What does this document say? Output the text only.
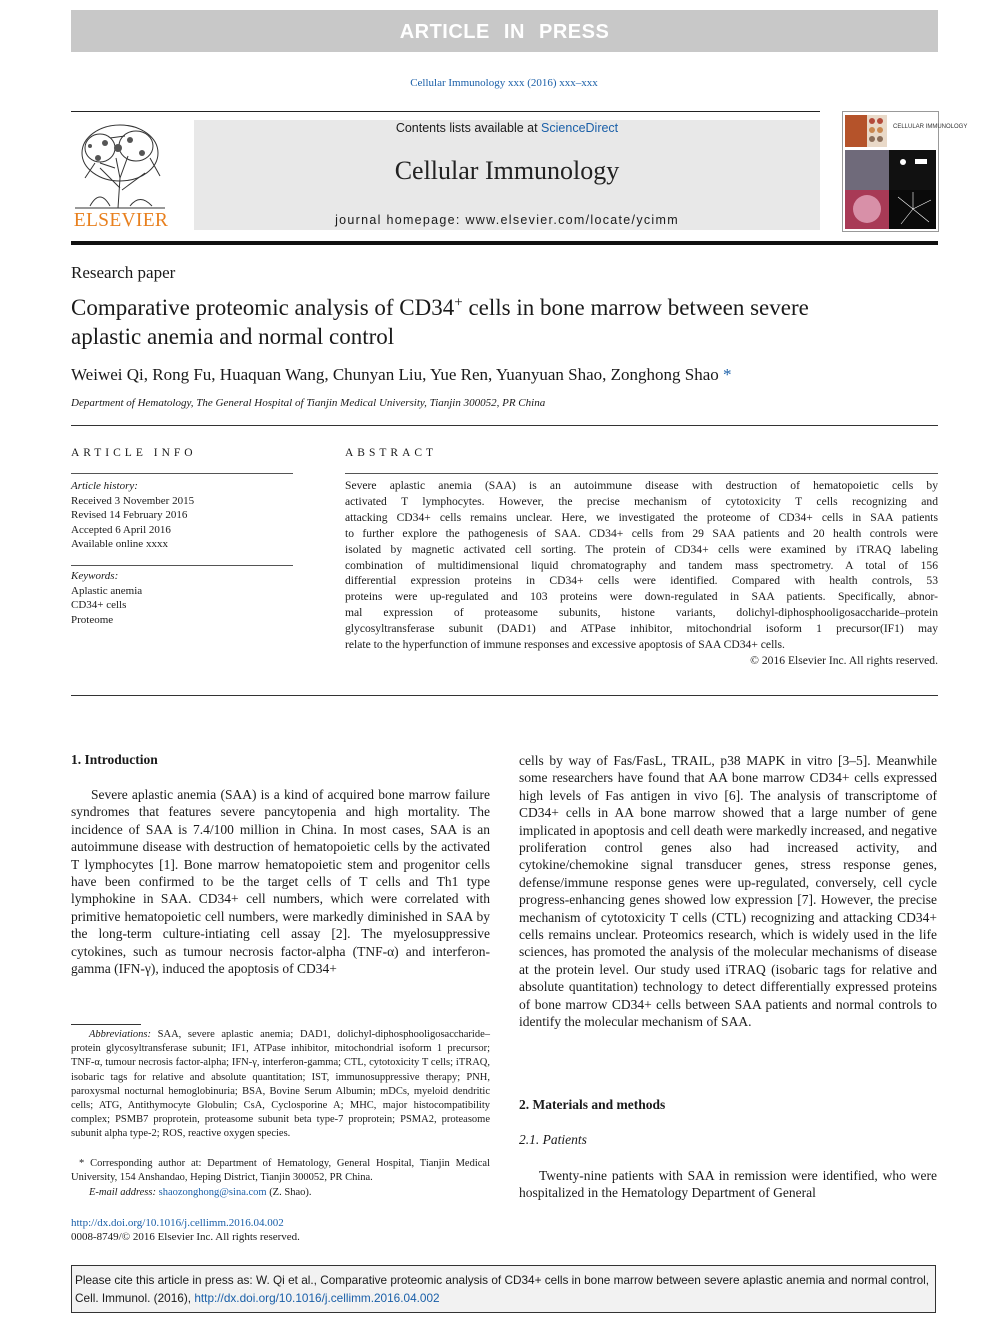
ARTICLE IN PRESS
Cellular Immunology xxx (2016) xxx–xxx
ELSEVIER
Contents lists available at ScienceDirect
Cellular Immunology
journal homepage: www.elsevier.com/locate/ycimm
CELLULAR IMMUNOLOGY
Research paper
Comparative proteomic analysis of CD34+ cells in bone marrow between severe aplastic anemia and normal control
Weiwei Qi, Rong Fu, Huaquan Wang, Chunyan Liu, Yue Ren, Yuanyuan Shao, Zonghong Shao *
Department of Hematology, The General Hospital of Tianjin Medical University, Tianjin 300052, PR China
ARTICLE INFO	ABSTRACT
Article history:
Received 3 November 2015
Revised 14 February 2016
Accepted 6 April 2016
Available online xxxx
Keywords:
Aplastic anemia
CD34+ cells
Proteome
Severe aplastic anemia (SAA) is an autoimmune disease with destruction of hematopoietic cells by
activated T lymphocytes. However, the precise mechanism of cytotoxicity T cells recognizing and
attacking CD34+ cells remains unclear. Here, we investigated the proteome of CD34+ cells in SAA patients
to further explore the pathogenesis of SAA. CD34+ cells from 29 SAA patients and 20 health controls were
isolated by magnetic activated cell sorting. The protein of CD34+ cells were examined by iTRAQ labeling
combination of multidimensional liquid chromatography and tandem mass spectrometry. A total of 156
differential expression proteins in CD34+ cells were identified. Compared with health controls, 53
proteins were up-regulated and 103 proteins were down-regulated in SAA patients. Specifically, abnor-
mal expression of proteasome subunits, histone variants, dolichyl-diphosphooligosaccharide–protein
glycosyltransferase subunit (DAD1) and ATPase inhibitor, mitochondrial isoform 1 precursor(IF1) may
relate to the hyperfunction of immune responses and excessive apoptosis of SAA CD34+ cells.
© 2016 Elsevier Inc. All rights reserved.
1. Introduction

Severe aplastic anemia (SAA) is a kind of acquired bone marrow failure syndromes that features severe pancytopenia and high mortality. The incidence of SAA is 7.4/100 million in China. In most cases, SAA is an autoimmune disease with destruction of hematopoietic cells by the activated T lymphocytes [1]. Bone marrow hematopoietic stem and progenitor cells have been confirmed to be the target cells of T cells and Th1 type lymphokine in SAA. CD34+ cell numbers, which were correlated with primitive hematopoietic cell numbers, were markedly diminished in SAA by the long-term culture-intiating cell assay [2]. The myelosuppressive cytokines, such as tumour necrosis factor-alpha (TNF-α) and interferon-gamma (IFN-γ), induced the apoptosis of CD34+

Abbreviations: SAA, severe aplastic anemia; DAD1, dolichyl-diphosphooligosaccharide–protein glycosyltransferase subunit; IF1, ATPase inhibitor, mitochondrial isoform 1 precursor; TNF-α, tumour necrosis factor-alpha; IFN-γ, interferon-gamma; CTL, cytotoxicity T cells; iTRAQ, isobaric tags for relative and absolute quantitation; IST, immunosuppressive therapy; PNH, paroxysmal nocturnal hemoglobinuria; BSA, Bovine Serum Albumin; mDCs, myeloid dendritic cells; ATG, Antithymocyte Globulin; CsA, Cyclosporine A; MHC, major histocompatibility complex; PSMB7 proprotein, proteasome subunit beta type-7 proprotein; PSMA2, proteasome subunit alpha type-2; ROS, reactive oxygen species.
* Corresponding author at: Department of Hematology, General Hospital, Tianjin Medical University, 154 Anshandao, Heping District, Tianjin 300052, PR China.
E-mail address: shaozonghong@sina.com (Z. Shao).
http://dx.doi.org/10.1016/j.cellimm.2016.04.002
0008-8749/© 2016 Elsevier Inc. All rights reserved.

cells by way of Fas/FasL, TRAIL, p38 MAPK in vitro [3–5]. Meanwhile some researchers have found that AA bone marrow CD34+ cells expressed high levels of Fas antigen in vivo [6]. The analysis of transcriptome of CD34+ cells in AA bone marrow showed that a large number of gene implicated in apoptosis and cell death were markedly increased, and negative proliferation control genes also had increased activity, and cytokine/chemokine signal transducer genes, stress response genes, defense/immune response genes were up-regulated, conversely, cell cycle progress-enhancing genes showed low expression [7]. However, the precise mechanism of cytotoxicity T cells (CTL) recognizing and attacking CD34+ cells remains unclear. Proteomics research, which is widely used in the life sciences, has promoted the analysis of the molecular mechanisms of disease at the protein level. Our study used iTRAQ (isobaric tags for relative and absolute quantitation) technology to detect differentially expressed proteins of bone marrow CD34+ cells between SAA patients and normal controls to identify the molecular mechanism of SAA.

2. Materials and methods
2.1. Patients

Twenty-nine patients with SAA in remission were identified, who were hospitalized in the Hematology Department of General

Please cite this article in press as: W. Qi et al., Comparative proteomic analysis of CD34+ cells in bone marrow between severe aplastic anemia and normal control, Cell. Immunol. (2016), http://dx.doi.org/10.1016/j.cellimm.2016.04.002
